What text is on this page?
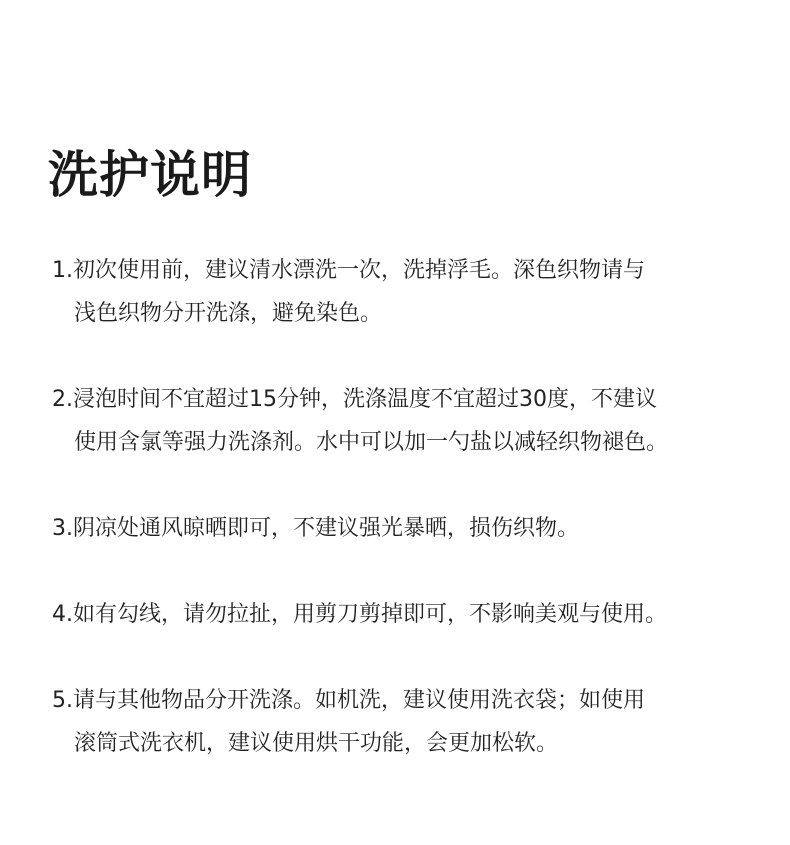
洗护说明
1.初次使用前，建议清水漂洗一次，洗掉浮毛。深色织物请与
浅色织物分开洗涤，避免染色。
2.浸泡时间不宜超过15分钟，洗涤温度不宜超过30度，不建议
使用含氯等强力洗涤剂。水中可以加一勺盐以减轻织物褪色。
3.阴凉处通风晾晒即可，不建议强光暴晒，损伤织物。
4.如有勾线，请勿拉扯，用剪刀剪掉即可，不影响美观与使用。
5.请与其他物品分开洗涤。如机洗，建议使用洗衣袋；如使用
滚筒式洗衣机，建议使用烘干功能，会更加松软。
